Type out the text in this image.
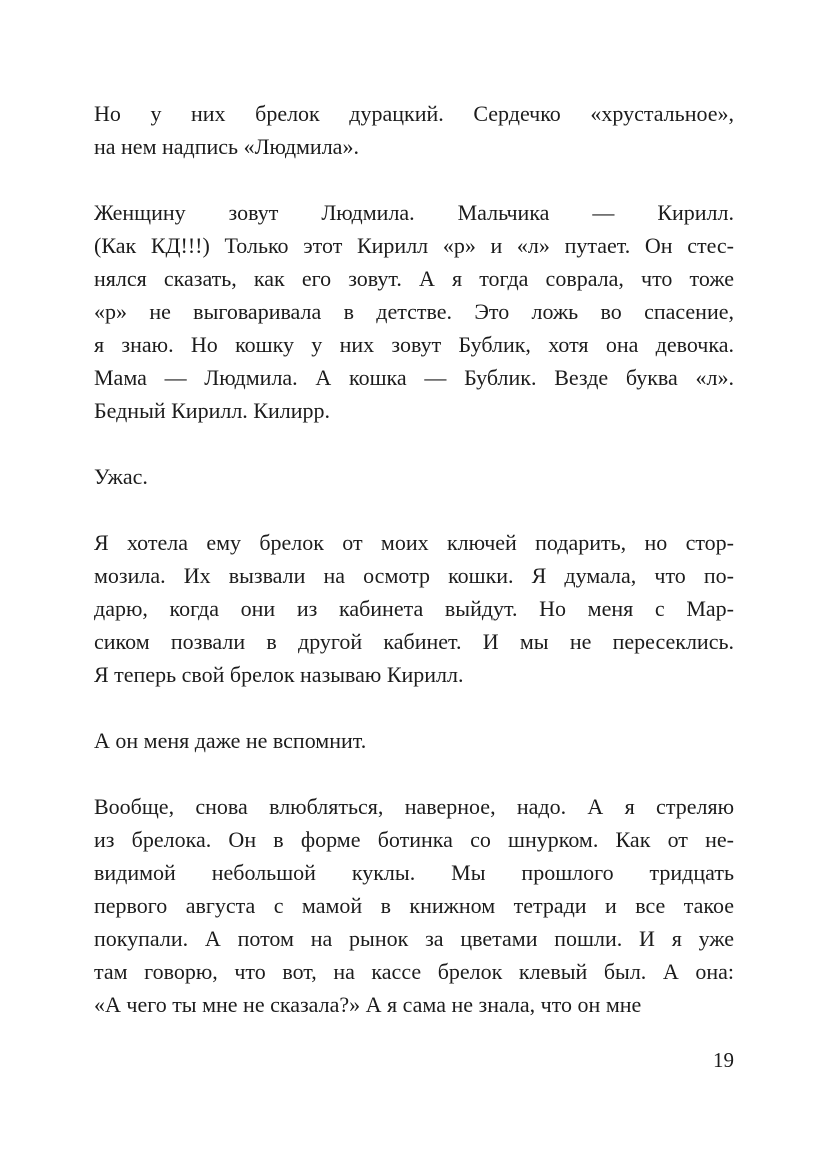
Но у них брелок дурацкий. Сердечко «хрустальное»,
на нем надпись «Людмила».
Женщину зовут Людмила. Мальчика — Кирилл.
(Как КД!!!) Только этот Кирилл «р» и «л» путает. Он стес-
нялся сказать, как его зовут. А я тогда соврала, что тоже
«р» не выговаривала в детстве. Это ложь во спасение,
я знаю. Но кошку у них зовут Бублик, хотя она девочка.
Мама — Людмила. А кошка — Бублик. Везде буква «л».
Бедный Кирилл. Килирр.
Ужас.
Я хотела ему брелок от моих ключей подарить, но стор-
мозила. Их вызвали на осмотр кошки. Я думала, что по-
дарю, когда они из кабинета выйдут. Но меня с Мар-
сиком позвали в другой кабинет. И мы не пересеклись.
Я теперь свой брелок называю Кирилл.
А он меня даже не вспомнит.
Вообще, снова влюбляться, наверное, надо. А я стреляю
из брелока. Он в форме ботинка со шнурком. Как от не-
видимой небольшой куклы. Мы прошлого тридцать
первого августа с мамой в книжном тетради и все такое
покупали. А потом на рынок за цветами пошли. И я уже
там говорю, что вот, на кассе брелок клевый был. А она:
«А чего ты мне не сказала?» А я сама не знала, что он мне
19
